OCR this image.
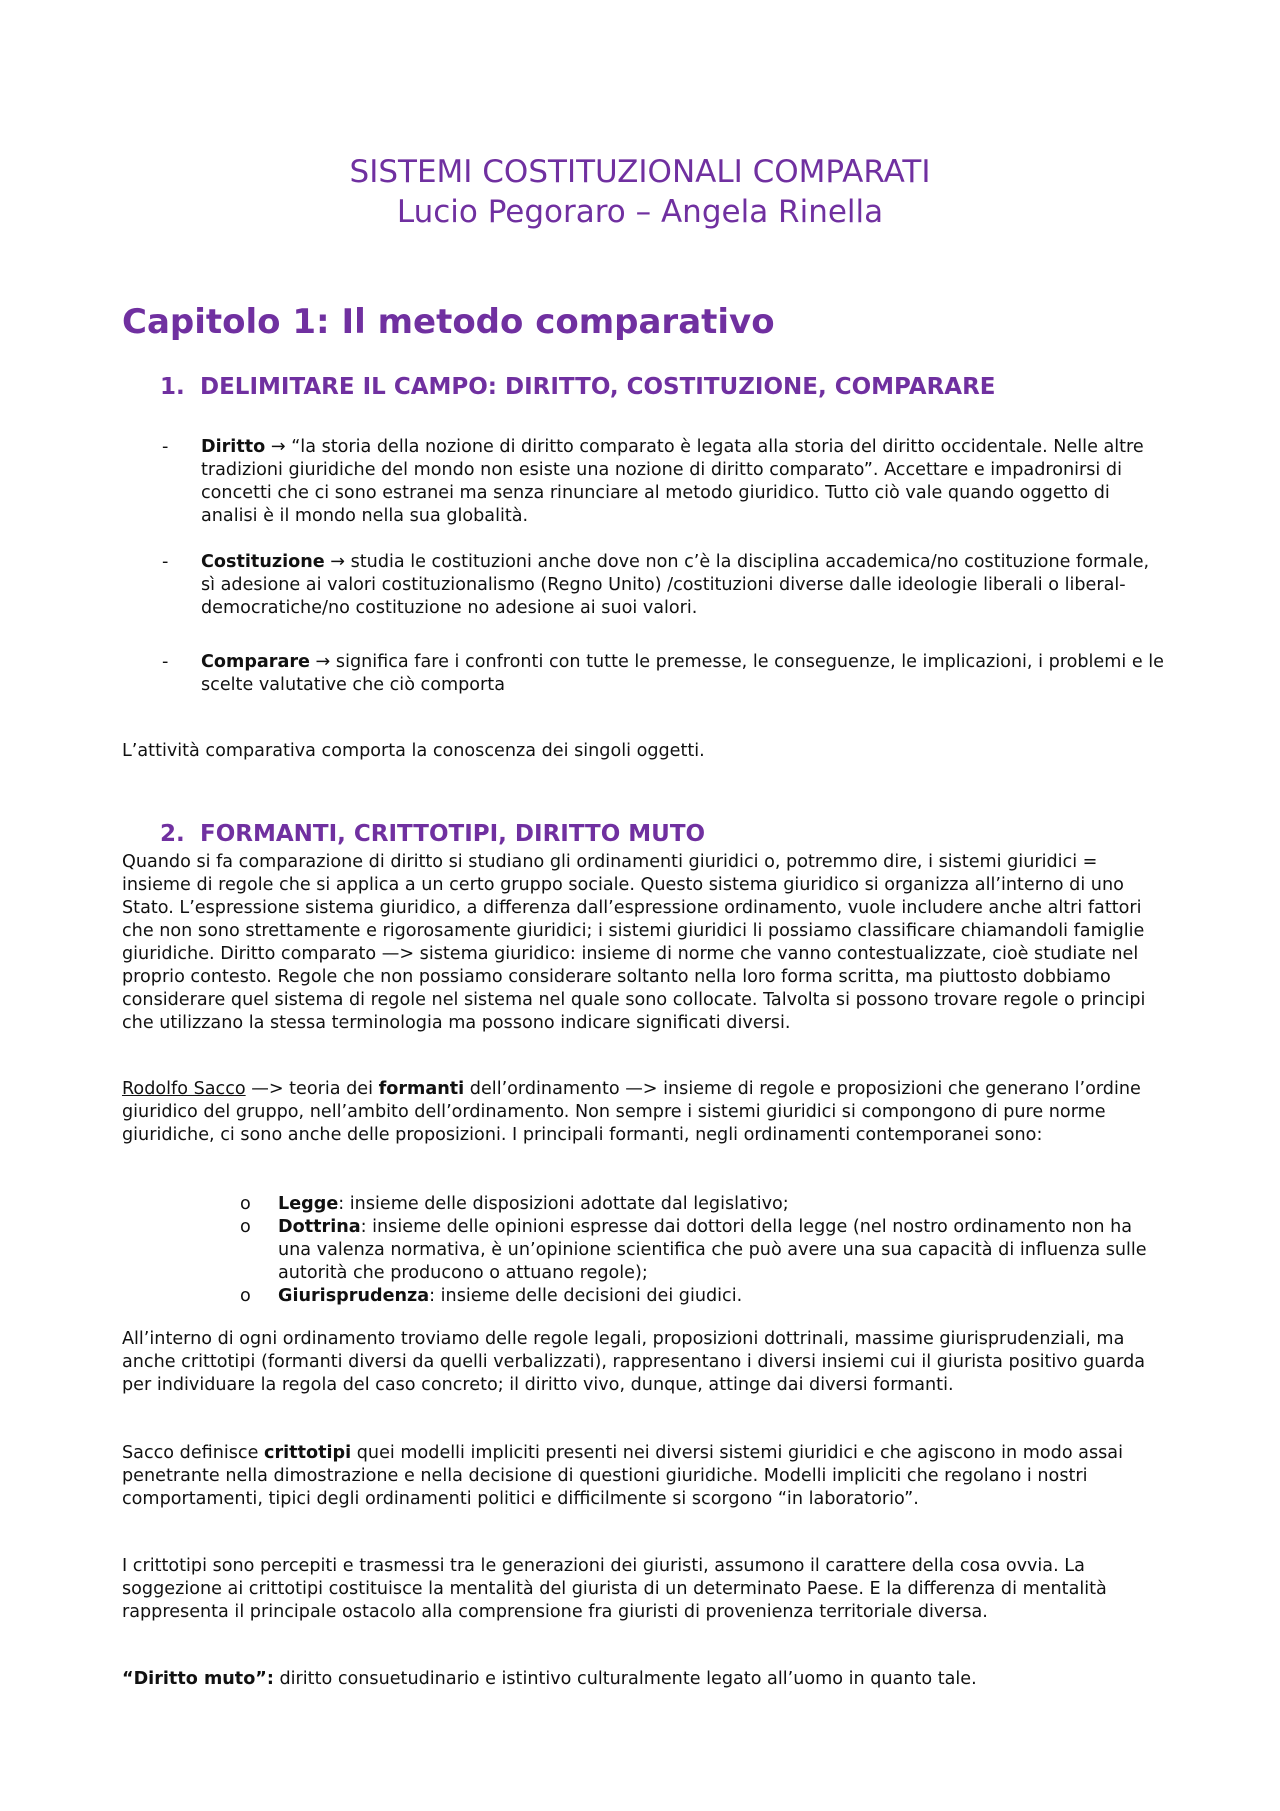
SISTEMI COSTITUZIONALI COMPARATI
Lucio Pegoraro – Angela Rinella
Capitolo 1: Il metodo comparativo
1. DELIMITARE IL CAMPO: DIRITTO, COSTITUZIONE, COMPARARE
- Diritto → “la storia della nozione di diritto comparato è legata alla storia del diritto occidentale. Nelle altre tradizioni giuridiche del mondo non esiste una nozione di diritto comparato”. Accettare e impadronirsi di concetti che ci sono estranei ma senza rinunciare al metodo giuridico. Tutto ciò vale quando oggetto di analisi è il mondo nella sua globalità.
- Costituzione → studia le costituzioni anche dove non c’è la disciplina accademica/no costituzione formale, sì adesione ai valori costituzionalismo (Regno Unito) /costituzioni diverse dalle ideologie liberali o liberal-democratiche/no costituzione no adesione ai suoi valori.
- Comparare → significa fare i confronti con tutte le premesse, le conseguenze, le implicazioni, i problemi e le scelte valutative che ciò comporta

L’attività comparativa comporta la conoscenza dei singoli oggetti.

2. FORMANTI, CRITTOTIPI, DIRITTO MUTO

Quando si fa comparazione di diritto si studiano gli ordinamenti giuridici o, potremmo dire, i sistemi giuridici = insieme di regole che si applica a un certo gruppo sociale. Questo sistema giuridico si organizza all’interno di uno Stato. L’espressione sistema giuridico, a differenza dall’espressione ordinamento, vuole includere anche altri fattori che non sono strettamente e rigorosamente giuridici; i sistemi giuridici li possiamo classificare chiamandoli famiglie giuridiche. Diritto comparato —> sistema giuridico: insieme di norme che vanno contestualizzate, cioè studiate nel proprio contesto. Regole che non possiamo considerare soltanto nella loro forma scritta, ma piuttosto dobbiamo considerare quel sistema di regole nel sistema nel quale sono collocate. Talvolta si possono trovare regole o principi che utilizzano la stessa terminologia ma possono indicare significati diversi.

Rodolfo Sacco —> teoria dei formanti dell’ordinamento —> insieme di regole e proposizioni che generano l’ordine giuridico del gruppo, nell’ambito dell’ordinamento. Non sempre i sistemi giuridici si compongono di pure norme giuridiche, ci sono anche delle proposizioni. I principali formanti, negli ordinamenti contemporanei sono:

o Legge: insieme delle disposizioni adottate dal legislativo;
o Dottrina: insieme delle opinioni espresse dai dottori della legge (nel nostro ordinamento non ha una valenza normativa, è un’opinione scientifica che può avere una sua capacità di influenza sulle autorità che producono o attuano regole);
o Giurisprudenza: insieme delle decisioni dei giudici.

All’interno di ogni ordinamento troviamo delle regole legali, proposizioni dottrinali, massime giurisprudenziali, ma anche crittotipi (formanti diversi da quelli verbalizzati), rappresentano i diversi insiemi cui il giurista positivo guarda per individuare la regola del caso concreto; il diritto vivo, dunque, attinge dai diversi formanti.

Sacco definisce crittotipi quei modelli impliciti presenti nei diversi sistemi giuridici e che agiscono in modo assai penetrante nella dimostrazione e nella decisione di questioni giuridiche. Modelli impliciti che regolano i nostri comportamenti, tipici degli ordinamenti politici e difficilmente si scorgono “in laboratorio”.

I crittotipi sono percepiti e trasmessi tra le generazioni dei giuristi, assumono il carattere della cosa ovvia. La soggezione ai crittotipi costituisce la mentalità del giurista di un determinato Paese. E la differenza di mentalità rappresenta il principale ostacolo alla comprensione fra giuristi di provenienza territoriale diversa.

“Diritto muto”: diritto consuetudinario e istintivo culturalmente legato all’uomo in quanto tale.
